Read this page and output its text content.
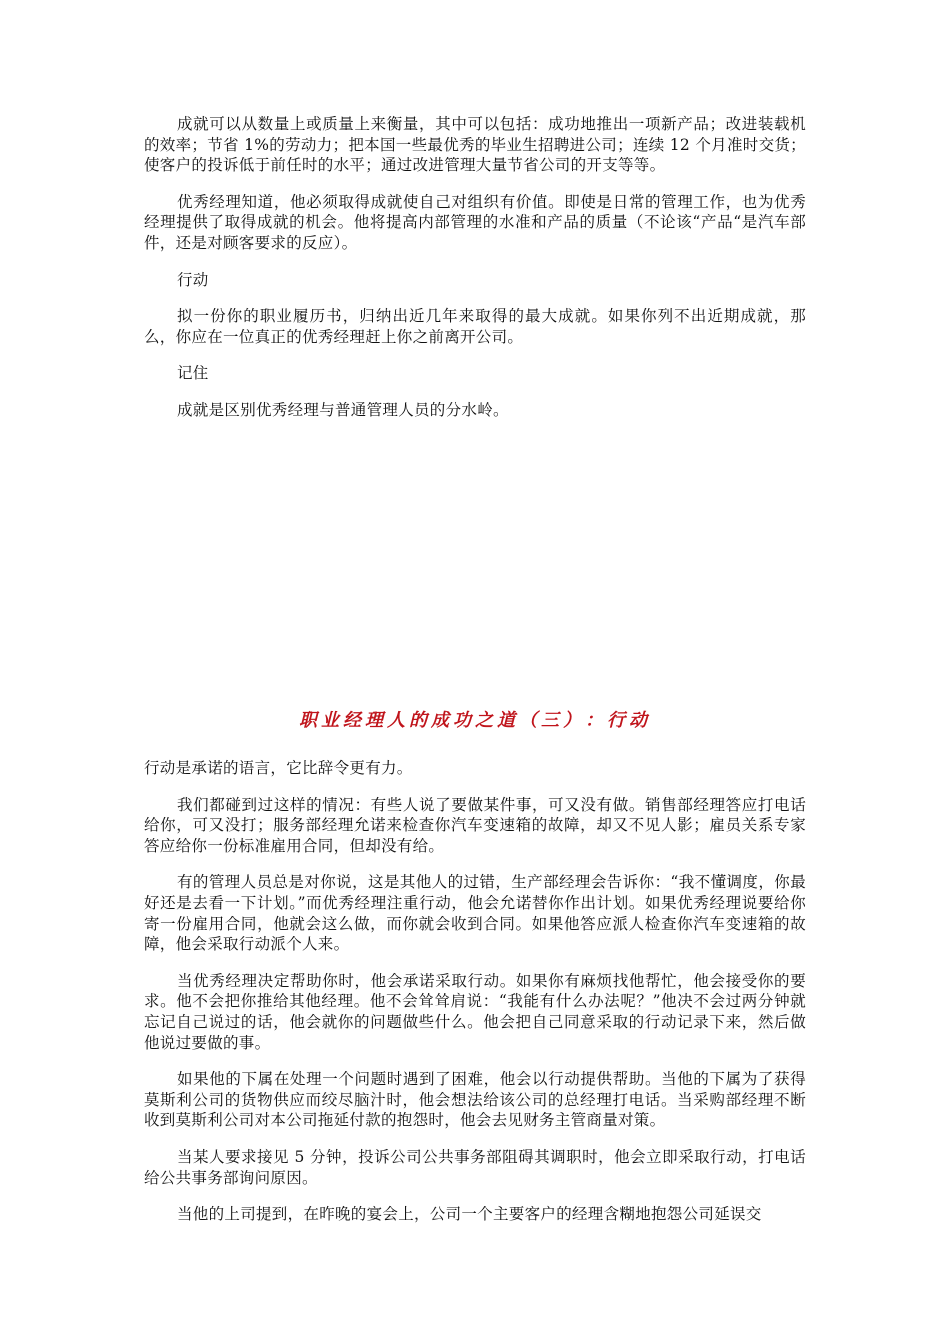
成就可以从数量上或质量上来衡量，其中可以包括：成功地推出一项新产品；改进装载机的效率；节省 1%的劳动力；把本国一些最优秀的毕业生招聘进公司；连续 12 个月准时交货；使客户的投诉低于前任时的水平；通过改进管理大量节省公司的开支等等。

优秀经理知道，他必须取得成就使自己对组织有价值。即使是日常的管理工作，也为优秀经理提供了取得成就的机会。他将提高内部管理的水准和产品的质量（不论该“产品“是汽车部件，还是对顾客要求的反应）。

行动

拟一份你的职业履历书，归纳出近几年来取得的最大成就。如果你列不出近期成就，那么，你应在一位真正的优秀经理赶上你之前离开公司。

记住

成就是区别优秀经理与普通管理人员的分水岭。

职业经理人的成功之道（三）：行动

行动是承诺的语言，它比辞令更有力。

我们都碰到过这样的情况：有些人说了要做某件事，可又没有做。销售部经理答应打电话给你，可又没打；服务部经理允诺来检查你汽车变速箱的故障，却又不见人影；雇员关系专家答应给你一份标准雇用合同，但却没有给。

有的管理人员总是对你说，这是其他人的过错，生产部经理会告诉你：“我不懂调度，你最好还是去看一下计划。”而优秀经理注重行动，他会允诺替你作出计划。如果优秀经理说要给你寄一份雇用合同，他就会这么做，而你就会收到合同。如果他答应派人检查你汽车变速箱的故障，他会采取行动派个人来。

当优秀经理决定帮助你时，他会承诺采取行动。如果你有麻烦找他帮忙，他会接受你的要求。他不会把你推给其他经理。他不会耸耸肩说：“我能有什么办法呢？”他决不会过两分钟就忘记自己说过的话，他会就你的问题做些什么。他会把自己同意采取的行动记录下来，然后做他说过要做的事。

如果他的下属在处理一个问题时遇到了困难，他会以行动提供帮助。当他的下属为了获得莫斯利公司的货物供应而绞尽脑汁时，他会想法给该公司的总经理打电话。当采购部经理不断收到莫斯利公司对本公司拖延付款的抱怨时，他会去见财务主管商量对策。

当某人要求接见 5 分钟，投诉公司公共事务部阻碍其调职时，他会立即采取行动，打电话给公共事务部询问原因。

当他的上司提到，在昨晚的宴会上，公司一个主要客户的经理含糊地抱怨公司延误交
